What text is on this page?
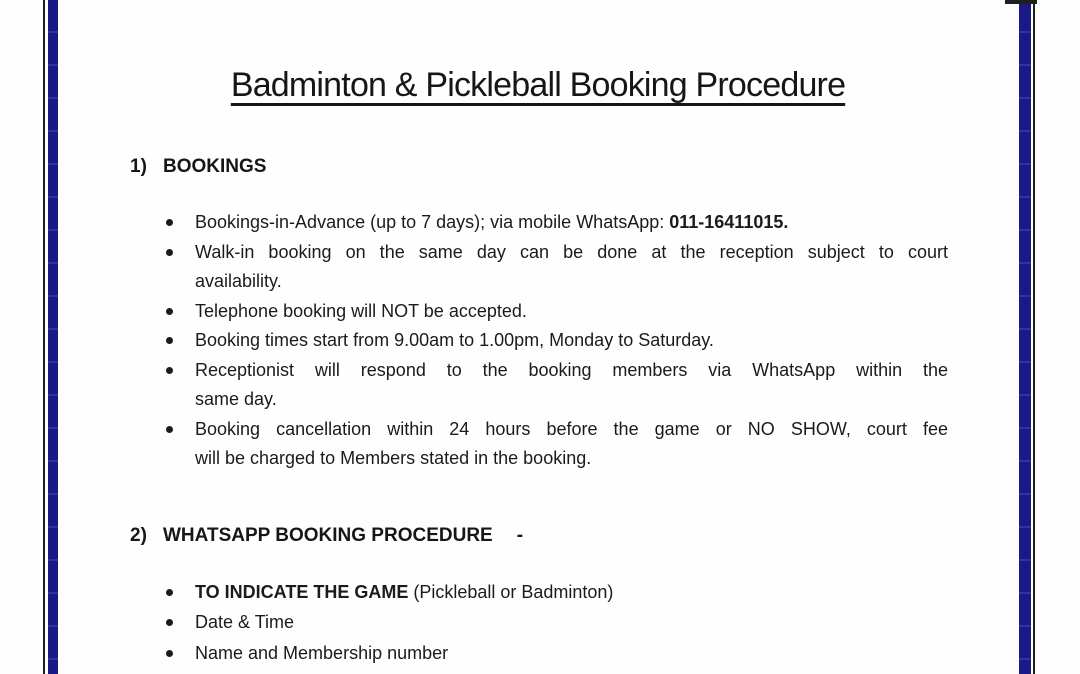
Badminton & Pickleball Booking Procedure
1) BOOKINGS
Bookings-in-Advance (up to 7 days); via mobile WhatsApp: 011-16411015.
Walk-in booking on the same day can be done at the reception subject to court
availability.
Telephone booking will NOT be accepted.
Booking times start from 9.00am to 1.00pm, Monday to Saturday.
Receptionist will respond to the booking members via WhatsApp within the
same day.
Booking cancellation within 24 hours before the game or NO SHOW, court fee
will be charged to Members stated in the booking.
2) WHATSAPP BOOKING PROCEDURE -
TO INDICATE THE GAME (Pickleball or Badminton)
Date & Time
Name and Membership number
